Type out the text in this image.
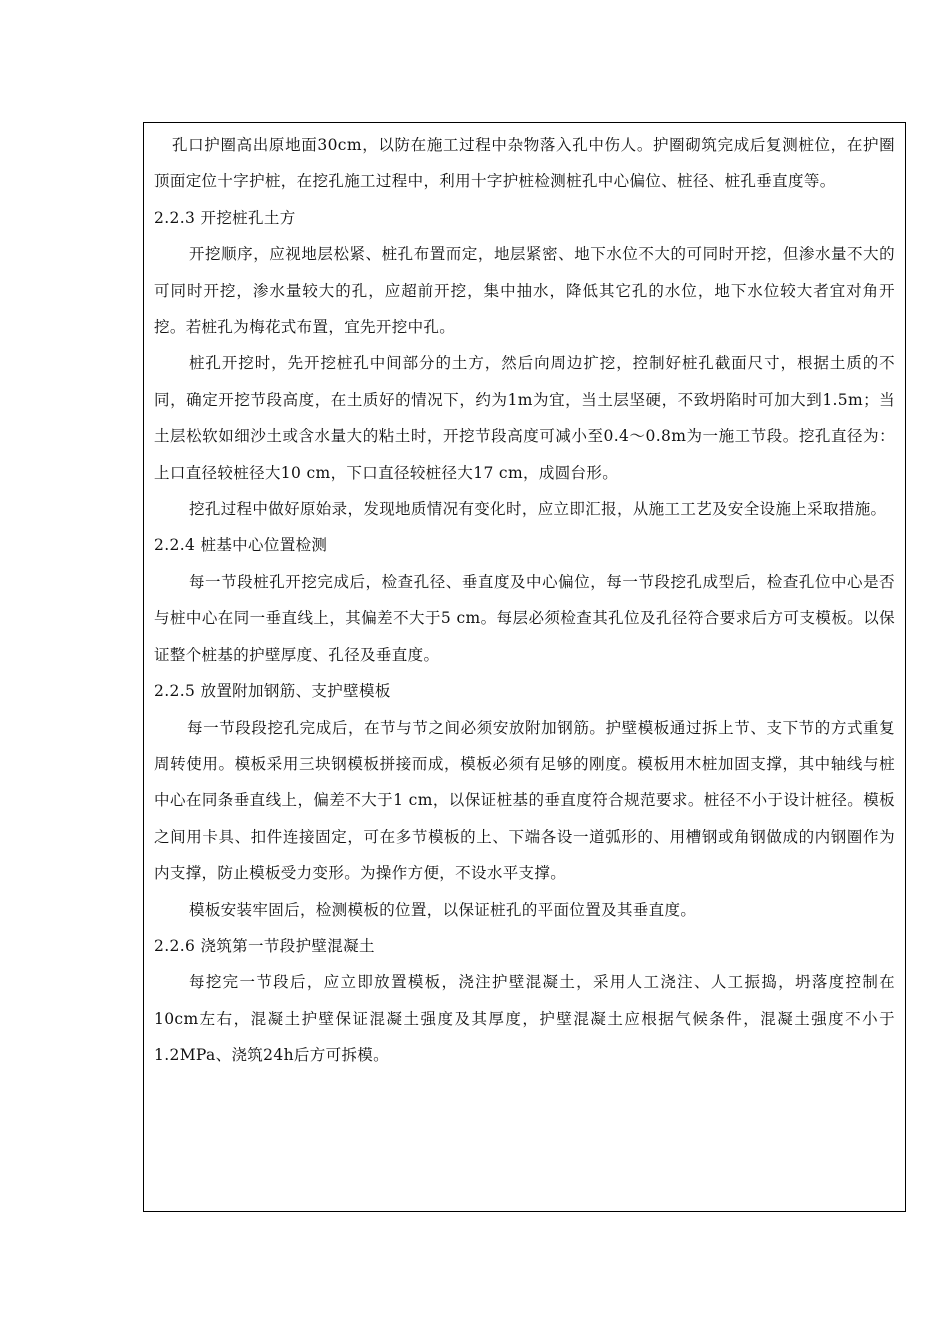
孔口护圈高出原地面30cm，以防在施工过程中杂物落入孔中伤人。护圈砌筑完成后复测桩位，在护圈顶面定位十字护桩，在挖孔施工过程中，利用十字护桩检测桩孔中心偏位、桩径、桩孔垂直度等。

2.2.3 开挖桩孔土方

开挖顺序，应视地层松紧、桩孔布置而定，地层紧密、地下水位不大的可同时开挖，但渗水量不大的可同时开挖，渗水量较大的孔，应超前开挖，集中抽水，降低其它孔的水位，地下水位较大者宜对角开挖。若桩孔为梅花式布置，宜先开挖中孔。

桩孔开挖时，先开挖桩孔中间部分的土方，然后向周边扩挖，控制好桩孔截面尺寸，根据土质的不同，确定开挖节段高度，在土质好的情况下，约为1m为宜，当土层坚硬，不致坍陷时可加大到1.5m；当土层松软如细沙土或含水量大的粘土时，开挖节段高度可减小至0.4～0.8m为一施工节段。挖孔直径为：上口直径较桩径大10 cm，下口直径较桩径大17 cm，成圆台形。

挖孔过程中做好原始录，发现地质情况有变化时，应立即汇报，从施工工艺及安全设施上采取措施。

2.2.4 桩基中心位置检测

每一节段桩孔开挖完成后，检查孔径、垂直度及中心偏位，每一节段挖孔成型后，检查孔位中心是否与桩中心在同一垂直线上，其偏差不大于5 cm。每层必须检查其孔位及孔径符合要求后方可支模板。以保证整个桩基的护壁厚度、孔径及垂直度。

2.2.5 放置附加钢筋、支护壁模板

每一节段段挖孔完成后，在节与节之间必须安放附加钢筋。护壁模板通过拆上节、支下节的方式重复周转使用。模板采用三块钢模板拼接而成，模板必须有足够的刚度。模板用木桩加固支撑，其中轴线与桩中心在同条垂直线上，偏差不大于1 cm，以保证桩基的垂直度符合规范要求。桩径不小于设计桩径。模板之间用卡具、扣件连接固定，可在多节模板的上、下端各设一道弧形的、用槽钢或角钢做成的内钢圈作为内支撑，防止模板受力变形。为操作方便，不设水平支撑。

模板安装牢固后，检测模板的位置，以保证桩孔的平面位置及其垂直度。

2.2.6 浇筑第一节段护壁混凝土

每挖完一节段后，应立即放置模板，浇注护壁混凝土，采用人工浇注、人工振捣，坍落度控制在10cm左右，混凝土护壁保证混凝土强度及其厚度，护壁混凝土应根据气候条件，混凝土强度不小于1.2MPa、浇筑24h后方可拆模。
